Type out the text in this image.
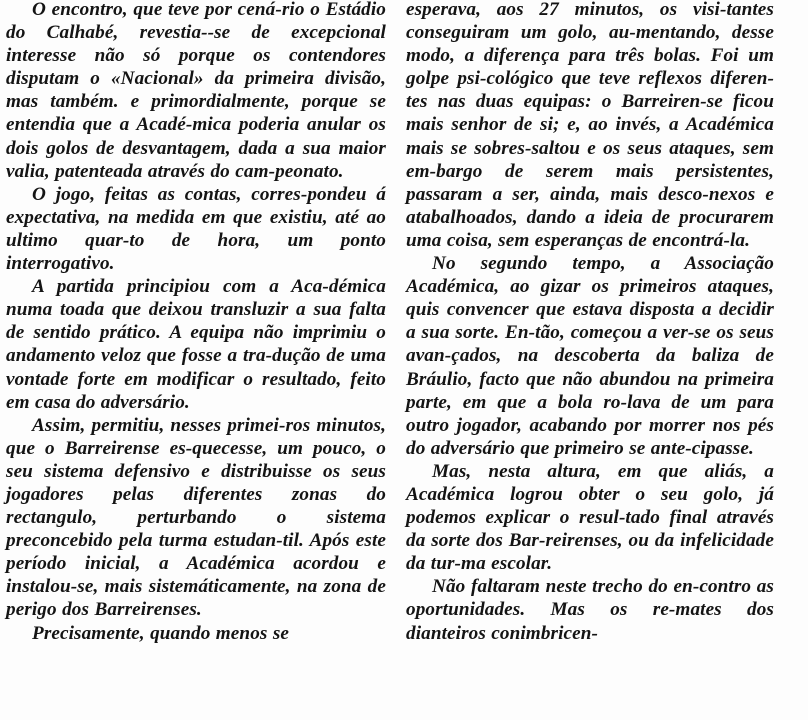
O encontro, que teve por cená-rio o Estádio do Calhabé, revestia--se de excepcional interesse não só porque os contendores disputam o «Nacional» da primeira divisão, mas também. e primordialmente, porque se entendia que a Acadé-mica poderia anular os dois golos de desvantagem, dada a sua maior valia, patenteada através do cam-peonato.

O jogo, feitas as contas, corres-pondeu á expectativa, na medida em que existiu, até ao ultimo quar-to de hora, um ponto interrogativo.

A partida principiou com a Aca-démica numa toada que deixou transluzir a sua falta de sentido prático. A equipa não imprimiu o andamento veloz que fosse a tra-dução de uma vontade forte em modificar o resultado, feito em casa do adversário.

Assim, permitiu, nesses primei-ros minutos, que o Barreirense es-quecesse, um pouco, o seu sistema defensivo e distribuisse os seus jogadores pelas diferentes zonas do rectangulo, perturbando o sistema preconcebido pela turma estudan-til. Após este período inicial, a Académica acordou e instalou-se, mais sistemáticamente, na zona de perigo dos Barreirenses.

Precisamente, quando menos se

esperava, aos 27 minutos, os visi-tantes conseguiram um golo, au-mentando, desse modo, a diferença para três bolas. Foi um golpe psi-cológico que teve reflexos diferen-tes nas duas equipas: o Barreiren-se ficou mais senhor de si; e, ao invés, a Académica mais se sobres-saltou e os seus ataques, sem em-bargo de serem mais persistentes, passaram a ser, ainda, mais desco-nexos e atabalhoados, dando a ideia de procurarem uma coisa, sem esperanças de encontrá-la.

No segundo tempo, a Associação Académica, ao gizar os primeiros ataques, quis convencer que estava disposta a decidir a sua sorte. En-tão, começou a ver-se os seus avan-çados, na descoberta da baliza de Bráulio, facto que não abundou na primeira parte, em que a bola ro-lava de um para outro jogador, acabando por morrer nos pés do adversário que primeiro se ante-cipasse.

Mas, nesta altura, em que aliás, a Académica logrou obter o seu golo, já podemos explicar o resul-tado final através da sorte dos Bar-reirenses, ou da infelicidade da tur-ma escolar.

Não faltaram neste trecho do en-contro as oportunidades. Mas os re-mates dos dianteiros conimbricen-
